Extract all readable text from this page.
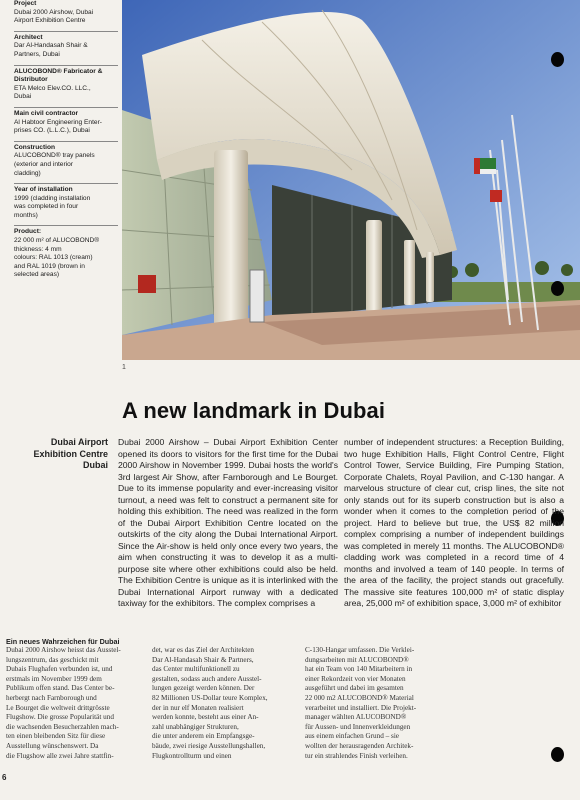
Project
Dubai 2000 Airshow, Dubai
Airport Exhibition Centre
Architect
Dar Al-Handasah Shair &
Partners, Dubai
ALUCOBOND® Fabricator &
Distributor
ETA Melco Elev.CO. LLC.,
Dubai
Main civil contractor
Al Habtoor Engineering Enter-
prises CO. (L.L.C.), Dubai
Construction
ALUCOBOND® tray panels
(exterior and interior
cladding)
Year of installation
1999 (cladding installation
was completed in four
months)
Product:
22 000 m² of ALUCOBOND®
thickness: 4 mm
colours: RAL 1013 (cream)
and RAL 1019 (brown in
selected areas)
1
A new landmark in Dubai
Dubai Airport
Exhibition Centre
Dubai
Dubai 2000 Airshow – Dubai Airport Exhibition Center opened its doors to visitors for the first time for the Dubai 2000 Airshow in November 1999. Dubai hosts the world's 3rd largest Air Show, after Farnborough and Le Bourget. Due to its immense popularity and ever-increasing visitor turnout, a need was felt to construct a permanent site for holding this exhibition. The need was realized in the form of the Dubai Airport Exhibition Centre located on the outskirts of the city along the Dubai International Airport. Since the Air-show is held only once every two years, the aim when constructing it was to develop it as a multi-purpose site where other exhibitions could also be held. The Exhibition Centre is unique as it is interlinked with the Dubai International Airport runway with a dedicated taxiway for the exhibitors. The complex comprises a
number of independent structures: a Reception Building, two huge Exhibition Halls, Flight Control Centre, Flight Control Tower, Service Building, Fire Pumping Station, Corporate Chalets, Royal Pavilion, and C-130 hangar. A marvelous structure of clear cut, crisp lines, the site not only stands out for its superb construction but is also a wonder when it comes to the completion period of the project. Hard to believe but true, the US$ 82 million complex comprising a number of independent buildings was completed in merely 11 months. The ALUCOBOND® cladding work was completed in a record time of 4 months and involved a team of 140 people. In terms of the area of the facility, the project stands out gracefully. The massive site features 100,000 m² of static display area, 25,000 m² of exhibition space, 3,000 m² of exhibitor
Ein neues Wahrzeichen für Dubai
Dubai 2000 Airshow heisst das Ausstel-
lungszentrum, das geschickt mit
Dubais Flughafen verbunden ist, und
erstmals im November 1999 dem
Publikum offen stand. Das Center be-
herbergt nach Farnborough und
Le Bourget die weltweit drittgrösste
Flugshow. Die grosse Popularität und
die wachsenden Besucherzahlen mach-
ten einen bleibenden Sitz für diese
Ausstellung wünschenswert. Da
die Flugshow alle zwei Jahre stattfin-
det, war es das Ziel der Architekten
Dar Al-Handasah Shair & Partners,
das Center multifunktionell zu
gestalten, sodass auch andere Ausstel-
lungen gezeigt werden können. Der
82 Millionen US-Dollar teure Komplex,
der in nur elf Monaten realisiert
werden konnte, besteht aus einer An-
zahl unabhängiger Strukturen,
die unter anderem ein Empfangsge-
bäude, zwei riesige Ausstellungshallen,
Flugkontrollturm und einen
C-130-Hangar umfassen. Die Verklei-
dungsarbeiten mit ALUCOBOND®
hat ein Team von 140 Mitarbeitern in
einer Rekordzeit von vier Monaten
ausgeführt und dabei im gesamten
22 000 m2 ALUCOBOND® Material
verarbeitet und installiert. Die Projekt-
manager wählten ALUCOBOND®
für Aussen- und Innenverkleidungen
aus einem einfachen Grund – sie
wollten der herausragenden Architek-
tur ein strahlendes Finish verleihen.
6
